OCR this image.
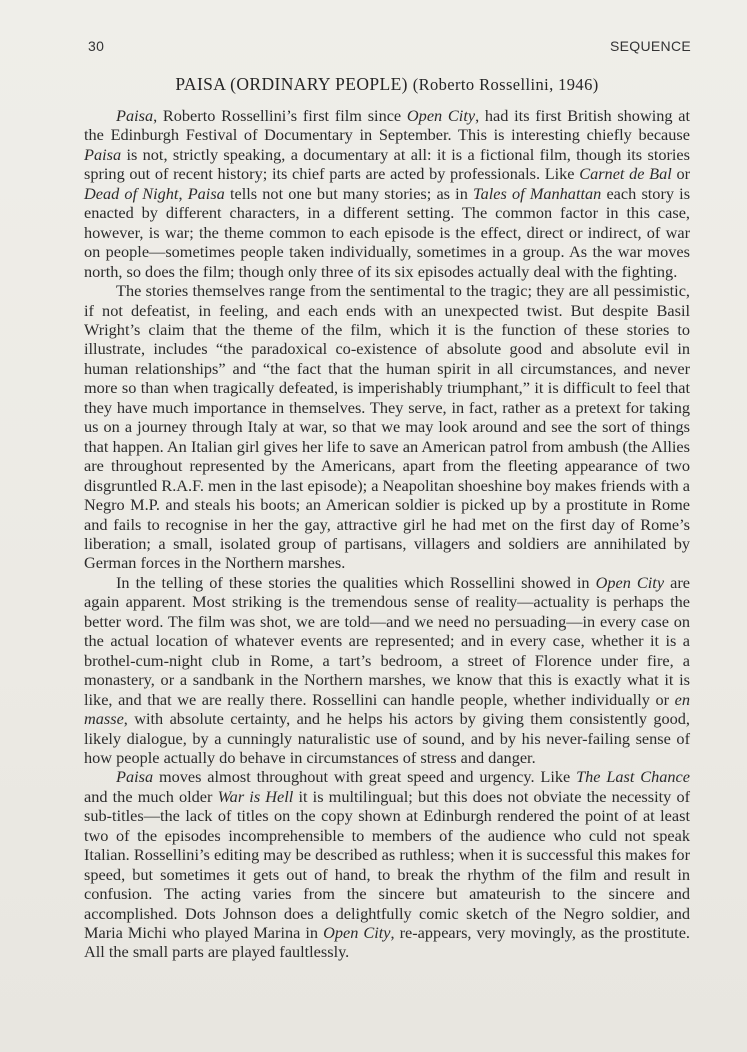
30	SEQUENCE
PAISA (ORDINARY PEOPLE) (Roberto Rossellini, 1946)

Paisa, Roberto Rossellini’s first film since Open City, had its first British showing at the Edinburgh Festival of Documentary in September. This is interesting chiefly because Paisa is not, strictly speaking, a documentary at all: it is a fictional film, though its stories spring out of recent history; its chief parts are acted by professionals. Like Carnet de Bal or Dead of Night, Paisa tells not one but many stories; as in Tales of Manhattan each story is enacted by different characters, in a different setting. The common factor in this case, however, is war; the theme common to each episode is the effect, direct or indirect, of war on people—sometimes people taken individually, sometimes in a group. As the war moves north, so does the film; though only three of its six episodes actually deal with the fighting.

The stories themselves range from the sentimental to the tragic; they are all pessimistic, if not defeatist, in feeling, and each ends with an unexpected twist. But despite Basil Wright’s claim that the theme of the film, which it is the function of these stories to illustrate, includes “the paradoxical co-existence of absolute good and absolute evil in human relationships” and “the fact that the human spirit in all circumstances, and never more so than when tragically defeated, is imperishably triumphant,” it is difficult to feel that they have much importance in themselves. They serve, in fact, rather as a pretext for taking us on a journey through Italy at war, so that we may look around and see the sort of things that happen. An Italian girl gives her life to save an American patrol from ambush (the Allies are throughout represented by the Americans, apart from the fleeting appearance of two disgruntled R.A.F. men in the last episode); a Neapolitan shoeshine boy makes friends with a Negro M.P. and steals his boots; an American soldier is picked up by a prostitute in Rome and fails to recognise in her the gay, attractive girl he had met on the first day of Rome’s liberation; a small, isolated group of partisans, villagers and soldiers are annihilated by German forces in the Northern marshes.

In the telling of these stories the qualities which Rossellini showed in Open City are again apparent. Most striking is the tremendous sense of reality—actuality is perhaps the better word. The film was shot, we are told—and we need no persuading—in every case on the actual location of whatever events are represented; and in every case, whether it is a brothel-cum-night club in Rome, a tart’s bedroom, a street of Florence under fire, a monastery, or a sandbank in the Northern marshes, we know that this is exactly what it is like, and that we are really there. Rossellini can handle people, whether individually or en masse, with absolute certainty, and he helps his actors by giving them consistently good, likely dialogue, by a cunningly naturalistic use of sound, and by his never-failing sense of how people actually do behave in circumstances of stress and danger.

Paisa moves almost throughout with great speed and urgency. Like The Last Chance and the much older War is Hell it is multilingual; but this does not obviate the necessity of sub-titles—the lack of titles on the copy shown at Edinburgh rendered the point of at least two of the episodes incomprehensible to members of the audience who culd not speak Italian. Rossellini’s editing may be described as ruthless; when it is successful this makes for speed, but sometimes it gets out of hand, to break the rhythm of the film and result in confusion. The acting varies from the sincere but amateurish to the sincere and accomplished. Dots Johnson does a delightfully comic sketch of the Negro soldier, and Maria Michi who played Marina in Open City, re-appears, very movingly, as the prostitute. All the small parts are played faultlessly.
